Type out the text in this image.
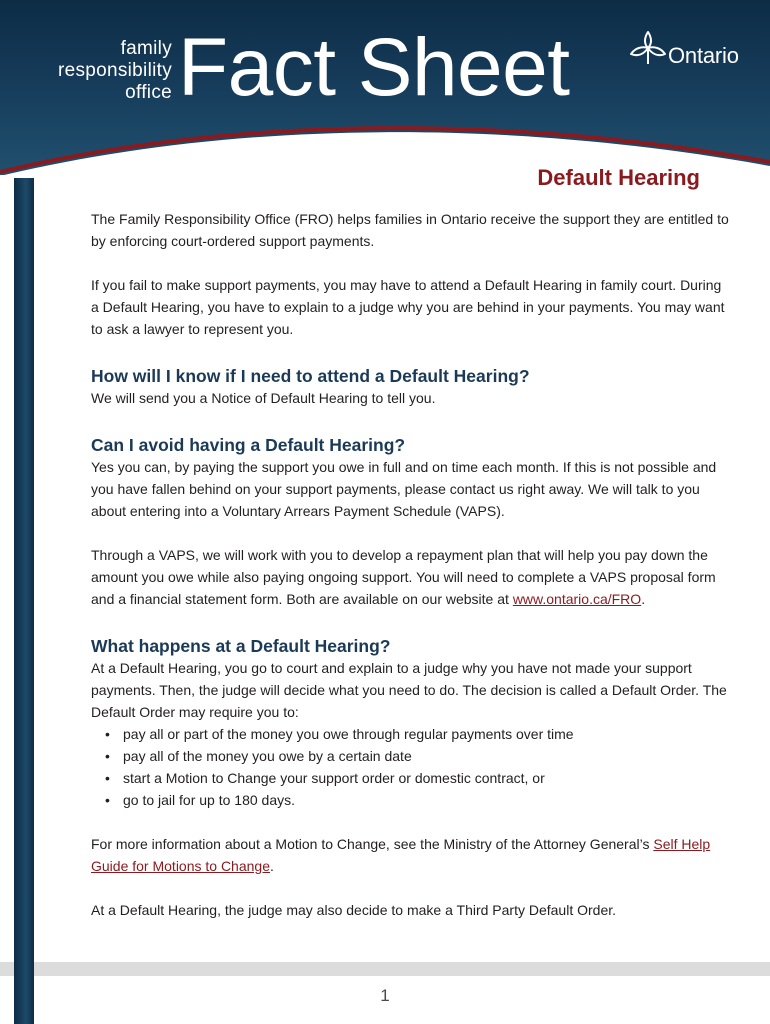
family
responsibility
office Fact Sheet	Ontario
Default Hearing

The Family Responsibility Office (FRO) helps families in Ontario receive the support they are entitled to by enforcing court-ordered support payments.

If you fail to make support payments, you may have to attend a Default Hearing in family court. During a Default Hearing, you have to explain to a judge why you are behind in your payments. You may want to ask a lawyer to represent you.

How will I know if I need to attend a Default Hearing?

We will send you a Notice of Default Hearing to tell you.

Can I avoid having a Default Hearing?

Yes you can, by paying the support you owe in full and on time each month. If this is not possible and you have fallen behind on your support payments, please contact us right away. We will talk to you about entering into a Voluntary Arrears Payment Schedule (VAPS).

Through a VAPS, we will work with you to develop a repayment plan that will help you pay down the amount you owe while also paying ongoing support. You will need to complete a VAPS proposal form and a financial statement form. Both are available on our website at www.ontario.ca/FRO.

What happens at a Default Hearing?

At a Default Hearing, you go to court and explain to a judge why you have not made your support payments. Then, the judge will decide what you need to do. The decision is called a Default Order. The Default Order may require you to:

• pay all or part of the money you owe through regular payments over time
• pay all of the money you owe by a certain date
• start a Motion to Change your support order or domestic contract, or
• go to jail for up to 180 days.

For more information about a Motion to Change, see the Ministry of the Attorney General’s Self Help Guide for Motions to Change.

At a Default Hearing, the judge may also decide to make a Third Party Default Order.

1
